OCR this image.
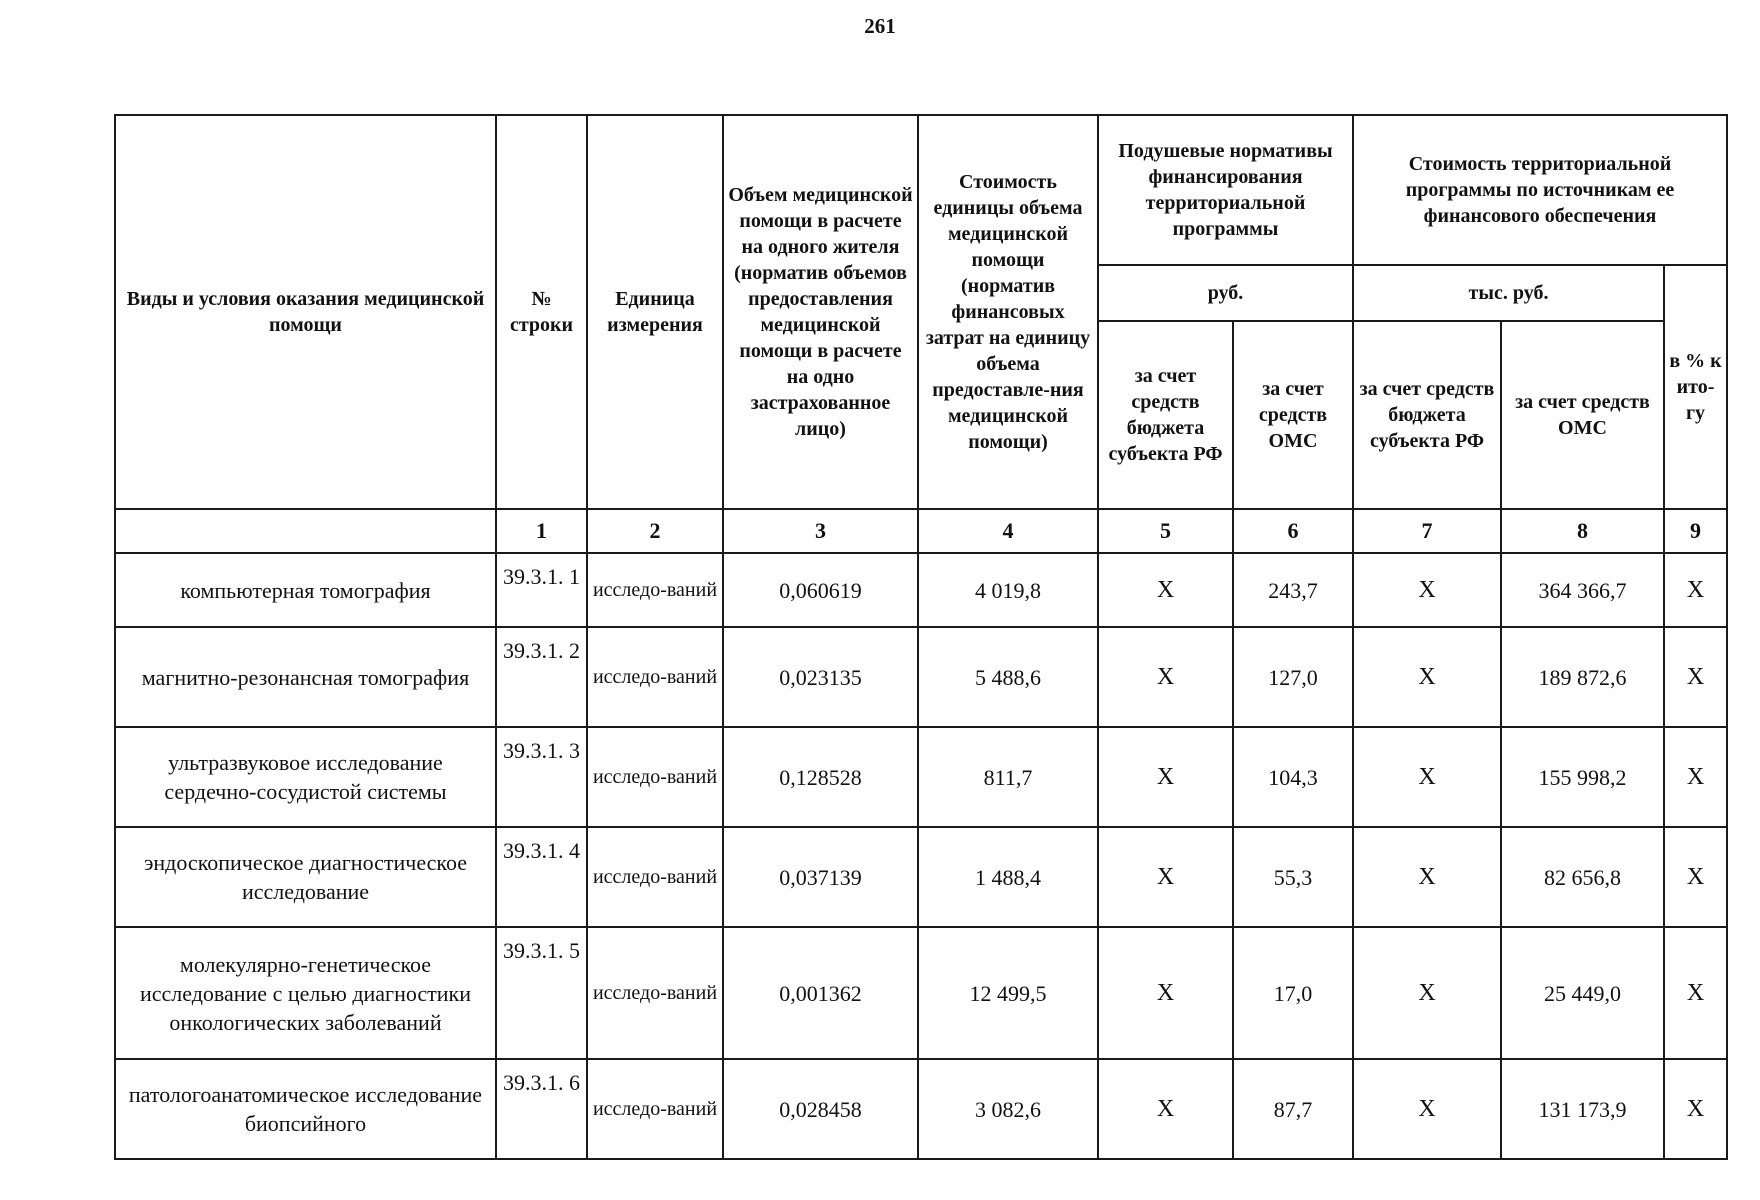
261
Виды и условия оказания медицинской помощи	№ строки	Единица измерения	Объем медицинской помощи в расчете на одного жителя (норматив объемов предоставления медицинской помощи в расчете на одно застрахованное лицо)	Стоимость единицы объема медицинской помощи (норматив финансовых затрат на единицу объема предоставле-ния медицинской помощи)	Подушевые нормативы финансирования территориальной программы		Стоимость территориальной программы по источникам ее финансового обеспечения		
					руб.		тыс. руб.		в % к ито-гу
					за счет средств бюджета субъекта РФ	за счет средств ОМС	за счет средств бюджета субъекта РФ	за счет средств ОМС	
	1	2	3	4	5	6	7	8	9
компьютерная томография	39.3.1. 1	исследо-ваний	0,060619	4 019,8	Х	243,7	Х	364 366,7	Х
магнитно-резонансная томография	39.3.1. 2	исследо-ваний	0,023135	5 488,6	Х	127,0	Х	189 872,6	Х
ультразвуковое исследование сердечно-сосудистой системы	39.3.1. 3	исследо-ваний	0,128528	811,7	Х	104,3	Х	155 998,2	Х
эндоскопическое диагностическое исследование	39.3.1. 4	исследо-ваний	0,037139	1 488,4	Х	55,3	Х	82 656,8	Х
молекулярно-генетическое исследование с целью диагностики онкологических заболеваний	39.3.1. 5	исследо-ваний	0,001362	12 499,5	Х	17,0	Х	25 449,0	Х
патологоанатомическое исследование биопсийного	39.3.1. 6	исследо-ваний	0,028458	3 082,6	Х	87,7	Х	131 173,9	Х
